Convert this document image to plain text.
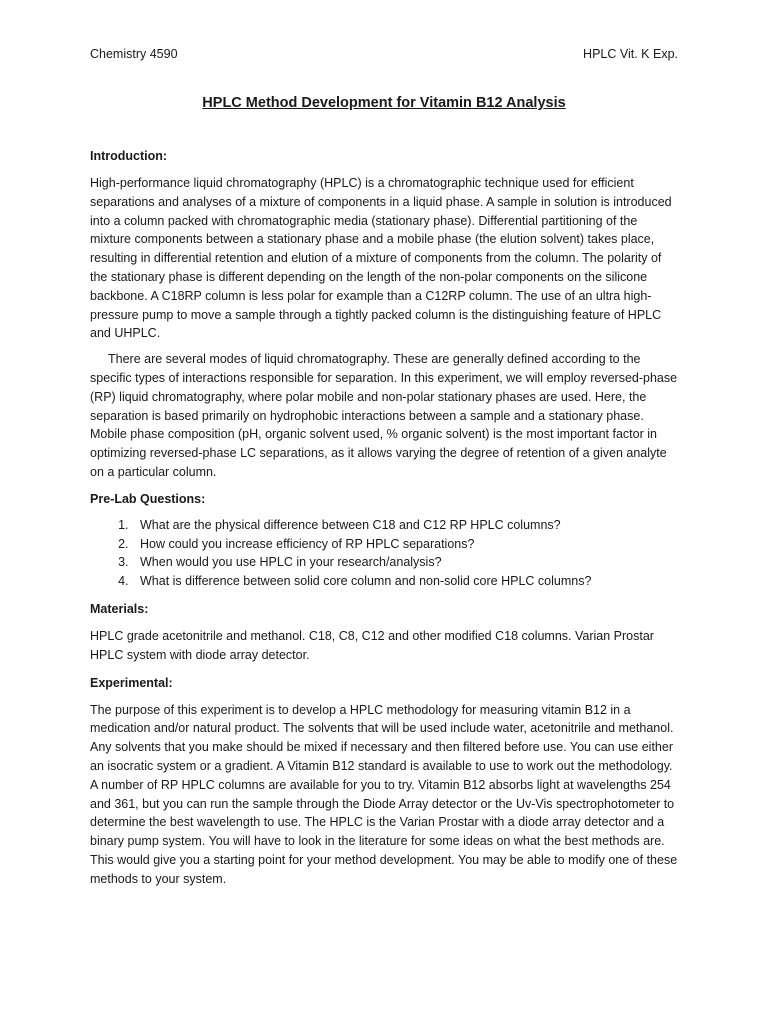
Chemistry 4590	HPLC Vit. K Exp.
HPLC Method Development for Vitamin B12 Analysis
Introduction:

High-performance liquid chromatography (HPLC) is a chromatographic technique used for efficient separations and analyses of a mixture of components in a liquid phase. A sample in solution is introduced into a column packed with chromatographic media (stationary phase). Differential partitioning of the mixture components between a stationary phase and a mobile phase (the elution solvent) takes place, resulting in differential retention and elution of a mixture of components from the column. The polarity of the stationary phase is different depending on the length of the non-polar components on the silicone backbone. A C18RP column is less polar for example than a C12RP column. The use of an ultra high-pressure pump to move a sample through a tightly packed column is the distinguishing feature of HPLC and UHPLC.

There are several modes of liquid chromatography. These are generally defined according to the specific types of interactions responsible for separation. In this experiment, we will employ reversed-phase (RP) liquid chromatography, where polar mobile and non-polar stationary phases are used. Here, the separation is based primarily on hydrophobic interactions between a sample and a stationary phase. Mobile phase composition (pH, organic solvent used, % organic solvent) is the most important factor in optimizing reversed-phase LC separations, as it allows varying the degree of retention of a given analyte on a particular column.

Pre-Lab Questions:
1. What are the physical difference between C18 and C12 RP HPLC columns?
2. How could you increase efficiency of RP HPLC separations?
3. When would you use HPLC in your research/analysis?
4. What is difference between solid core column and non-solid core HPLC columns?
Materials:

HPLC grade acetonitrile and methanol. C18, C8, C12 and other modified C18 columns. Varian Prostar HPLC system with diode array detector.

Experimental:

The purpose of this experiment is to develop a HPLC methodology for measuring vitamin B12 in a medication and/or natural product. The solvents that will be used include water, acetonitrile and methanol. Any solvents that you make should be mixed if necessary and then filtered before use. You can use either an isocratic system or a gradient. A Vitamin B12 standard is available to use to work out the methodology. A number of RP HPLC columns are available for you to try. Vitamin B12 absorbs light at wavelengths 254 and 361, but you can run the sample through the Diode Array detector or the Uv-Vis spectrophotometer to determine the best wavelength to use. The HPLC is the Varian Prostar with a diode array detector and a binary pump system. You will have to look in the literature for some ideas on what the best methods are. This would give you a starting point for your method development. You may be able to modify one of these methods to your system.
